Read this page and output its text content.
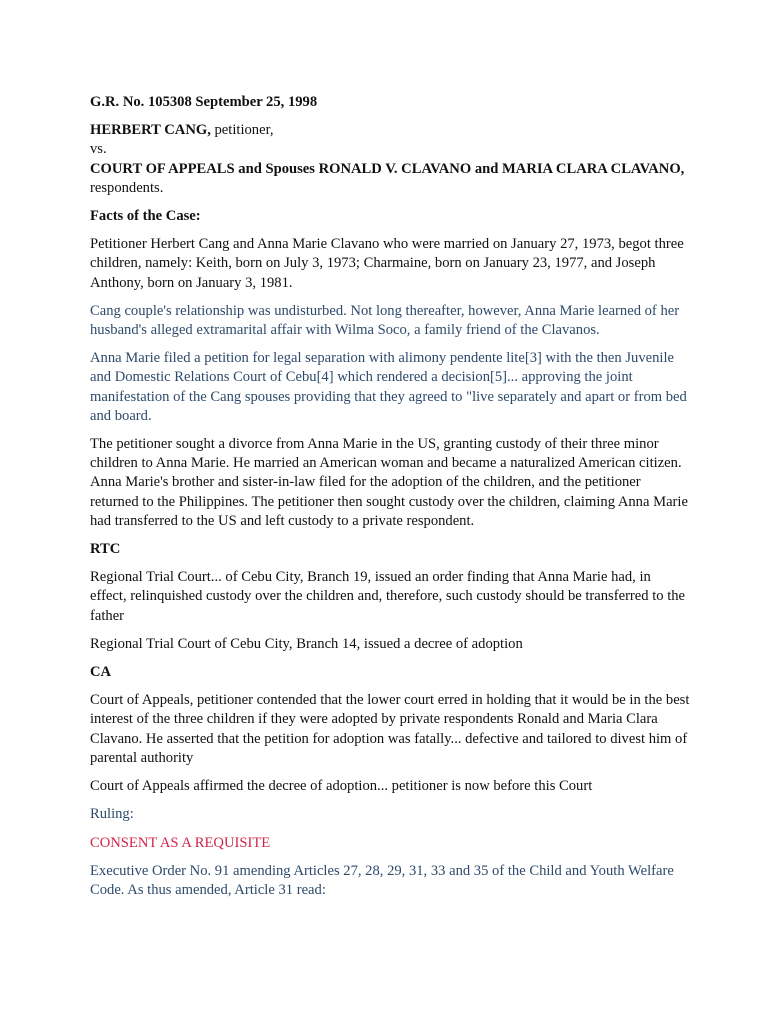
G.R. No. 105308 September 25, 1998

HERBERT CANG, petitioner,

vs.

COURT OF APPEALS and Spouses RONALD V. CLAVANO and MARIA CLARA CLAVANO, respondents.

Facts of the Case:

Petitioner Herbert Cang and Anna Marie Clavano who were married on January 27, 1973, begot three children, namely: Keith, born on July 3, 1973; Charmaine, born on January 23, 1977, and Joseph Anthony, born on January 3, 1981.

Cang couple's relationship was undisturbed. Not long thereafter, however, Anna Marie learned of her husband's alleged extramarital affair with Wilma Soco, a family friend of the Clavanos.

Anna Marie filed a petition for legal separation with alimony pendente lite[3] with the then Juvenile and Domestic Relations Court of Cebu[4] which rendered a decision[5]... approving the joint manifestation of the Cang spouses providing that they agreed to "live separately and apart or from bed and board.

The petitioner sought a divorce from Anna Marie in the US, granting custody of their three minor children to Anna Marie. He married an American woman and became a naturalized American citizen. Anna Marie's brother and sister-in-law filed for the adoption of the children, and the petitioner returned to the Philippines. The petitioner then sought custody over the children, claiming Anna Marie had transferred to the US and left custody to a private respondent.

RTC

Regional Trial Court... of Cebu City, Branch 19, issued an order finding that Anna Marie had, in effect, relinquished custody over the children and, therefore, such custody should be transferred to the father

Regional Trial Court of Cebu City, Branch 14, issued a decree of adoption

CA

Court of Appeals, petitioner contended that the lower court erred in holding that it would be in the best interest of the three children if they were adopted by private respondents Ronald and Maria Clara Clavano. He asserted that the petition for adoption was fatally... defective and tailored to divest him of parental authority

Court of Appeals affirmed the decree of adoption... petitioner is now before this Court

Ruling:

CONSENT AS A REQUISITE

Executive Order No. 91 amending Articles 27, 28, 29, 31, 33 and 35 of the Child and Youth Welfare Code. As thus amended, Article 31 read:
